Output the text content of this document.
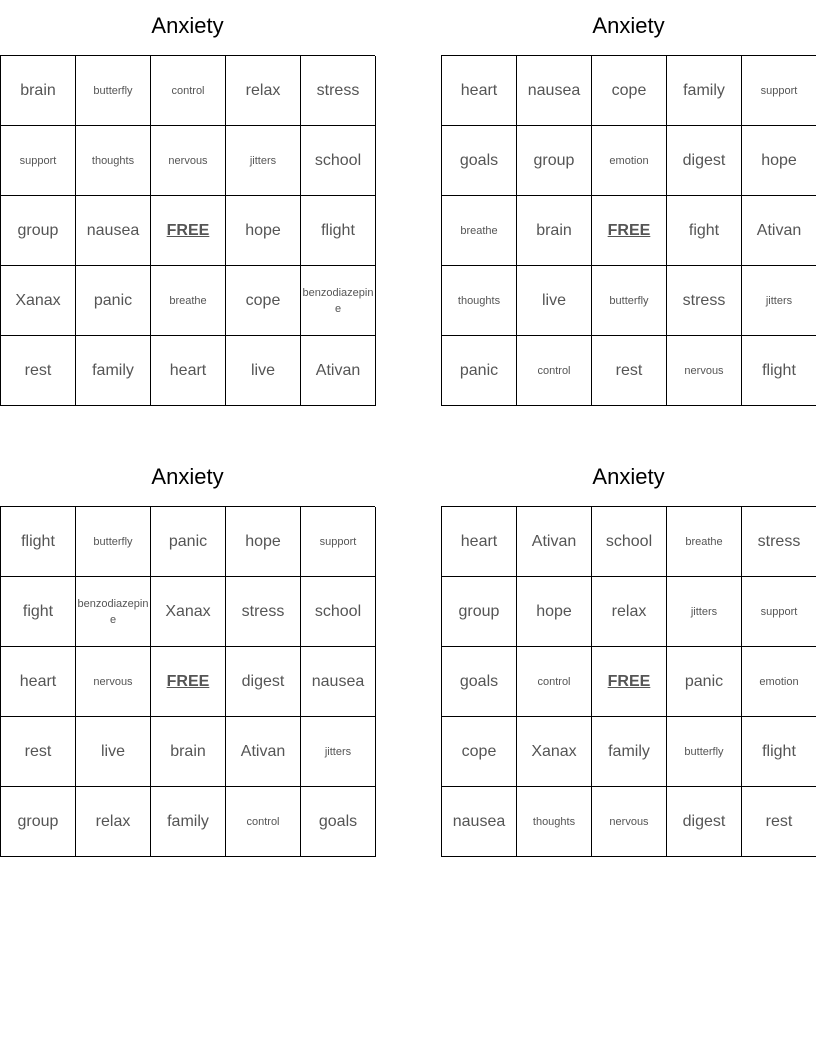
Anxiety
brain	butterfly	control	relax	stress
support	thoughts	nervous	jitters	school
group	nausea	FREE	hope	flight
Xanax	panic	breathe	cope	benzodiazepine
rest	family	heart	live	Ativan
Anxiety
heart	nausea	cope	family	support
goals	group	emotion	digest	hope
breathe	brain	FREE	fight	Ativan
thoughts	live	butterfly	stress	jitters
panic	control	rest	nervous	flight
Anxiety
flight	butterfly	panic	hope	support
fight	benzodiazepine	Xanax	stress	school
heart	nervous	FREE	digest	nausea
rest	live	brain	Ativan	jitters
group	relax	family	control	goals
Anxiety
heart	Ativan	school	breathe	stress
group	hope	relax	jitters	support
goals	control	FREE	panic	emotion
cope	Xanax	family	butterfly	flight
nausea	thoughts	nervous	digest	rest
